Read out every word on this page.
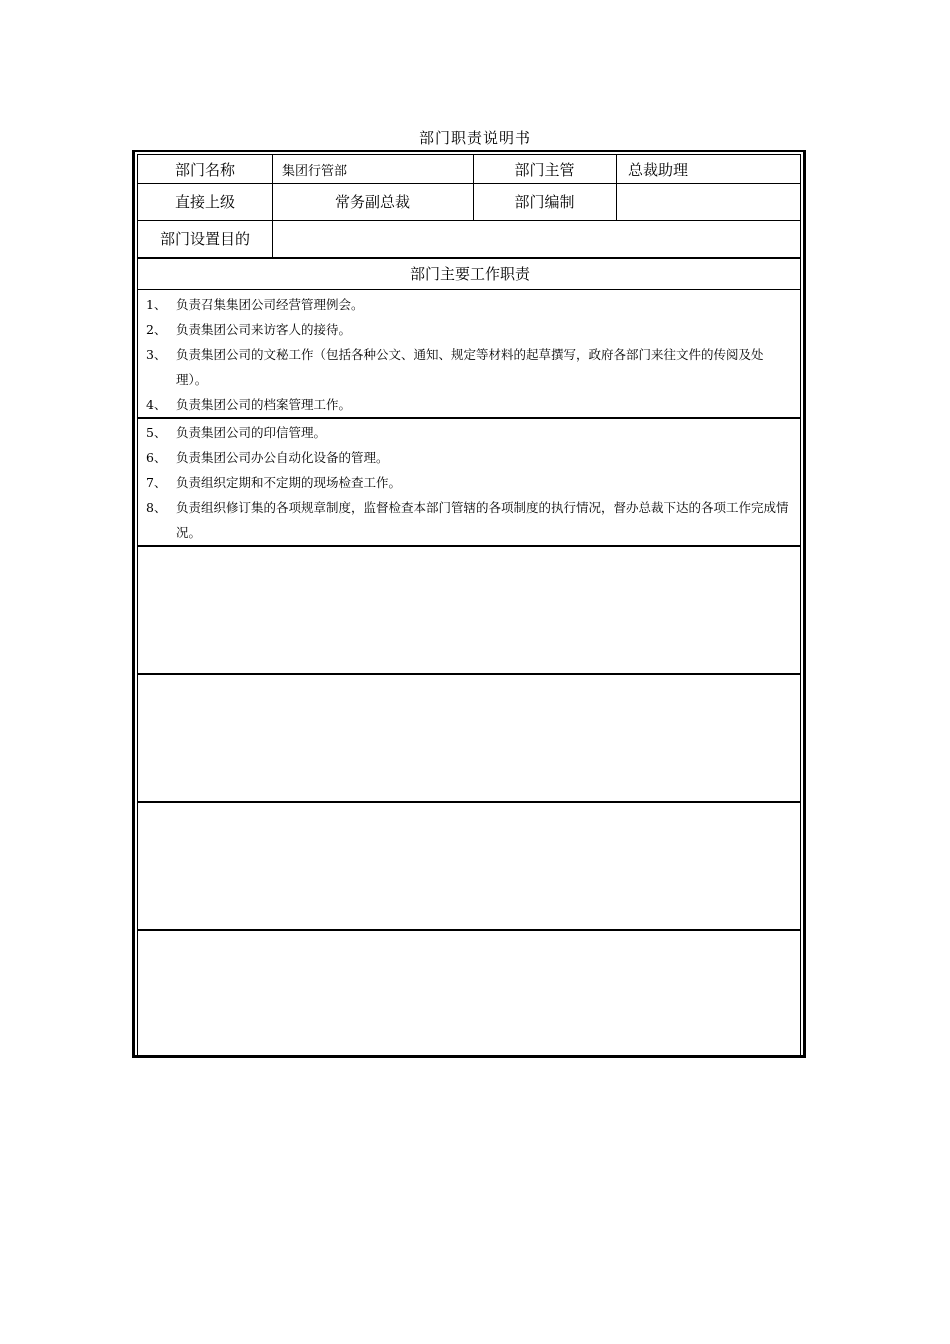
部门职责说明书
部门名称	集团行管部	部门主管	总裁助理
直接上级	常务副总裁	部门编制
部门设置目的
部门主要工作职责
1、 负责召集集团公司经营管理例会。
2、 负责集团公司来访客人的接待。
3、 负责集团公司的文秘工作（包括各种公文、通知、规定等材料的起草撰写，政府各部门来往文件的传阅及处理）。
4、 负责集团公司的档案管理工作。
5、 负责集团公司的印信管理。
6、 负责集团公司办公自动化设备的管理。
7、 负责组织定期和不定期的现场检查工作。
8、 负责组织修订集的各项规章制度，监督检查本部门管辖的各项制度的执行情况，督办总裁下达的各项工作完成情况。
